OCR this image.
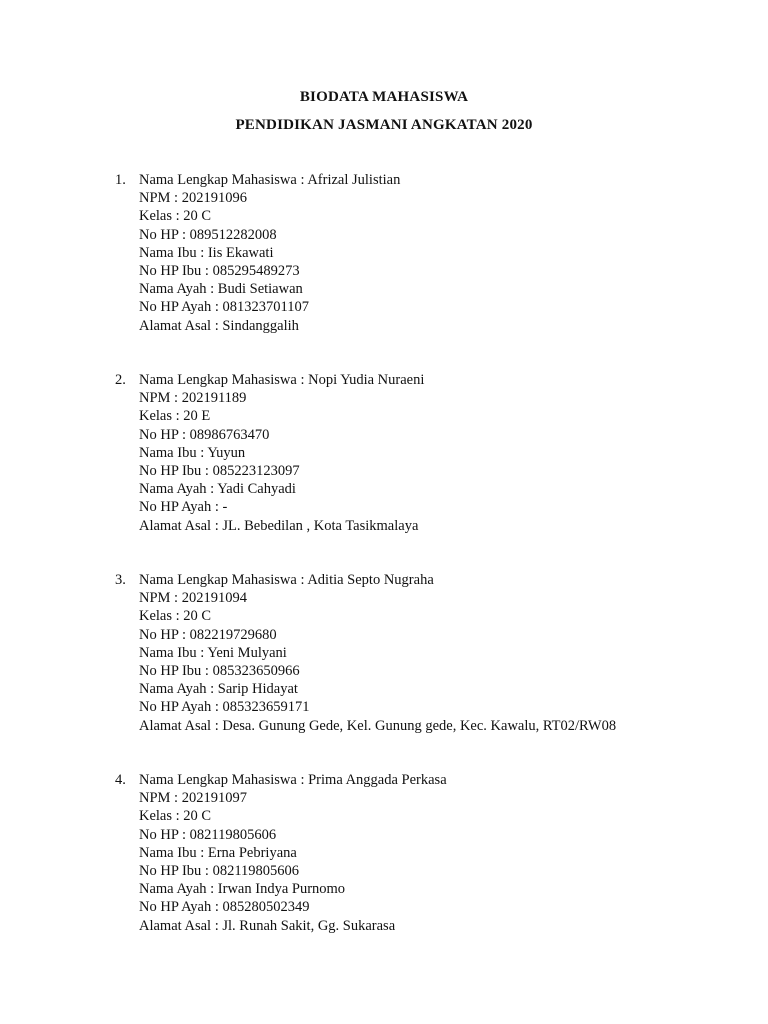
BIODATA MAHASISWA
PENDIDIKAN JASMANI ANGKATAN 2020
1. Nama Lengkap Mahasiswa : Afrizal Julistian
NPM : 202191096
Kelas : 20 C
No HP : 089512282008
Nama Ibu : Iis Ekawati
No HP Ibu : 085295489273
Nama Ayah : Budi Setiawan
No HP Ayah : 081323701107
Alamat Asal : Sindanggalih
2. Nama Lengkap Mahasiswa : Nopi Yudia Nuraeni
NPM : 202191189
Kelas : 20 E
No HP : 08986763470
Nama Ibu : Yuyun
No HP Ibu : 085223123097
Nama Ayah : Yadi Cahyadi
No HP Ayah : -
Alamat Asal : JL. Bebedilan , Kota Tasikmalaya
3. Nama Lengkap Mahasiswa : Aditia Septo Nugraha
NPM : 202191094
Kelas : 20 C
No HP : 082219729680
Nama Ibu : Yeni Mulyani
No HP Ibu : 085323650966
Nama Ayah : Sarip Hidayat
No HP Ayah : 085323659171
Alamat Asal : Desa. Gunung Gede, Kel. Gunung gede, Kec. Kawalu, RT02/RW08
4. Nama Lengkap Mahasiswa : Prima Anggada Perkasa
NPM : 202191097
Kelas : 20 C
No HP : 082119805606
Nama Ibu : Erna Pebriyana
No HP Ibu : 082119805606
Nama Ayah : Irwan Indya Purnomo
No HP Ayah : 085280502349
Alamat Asal : Jl. Runah Sakit, Gg. Sukarasa
